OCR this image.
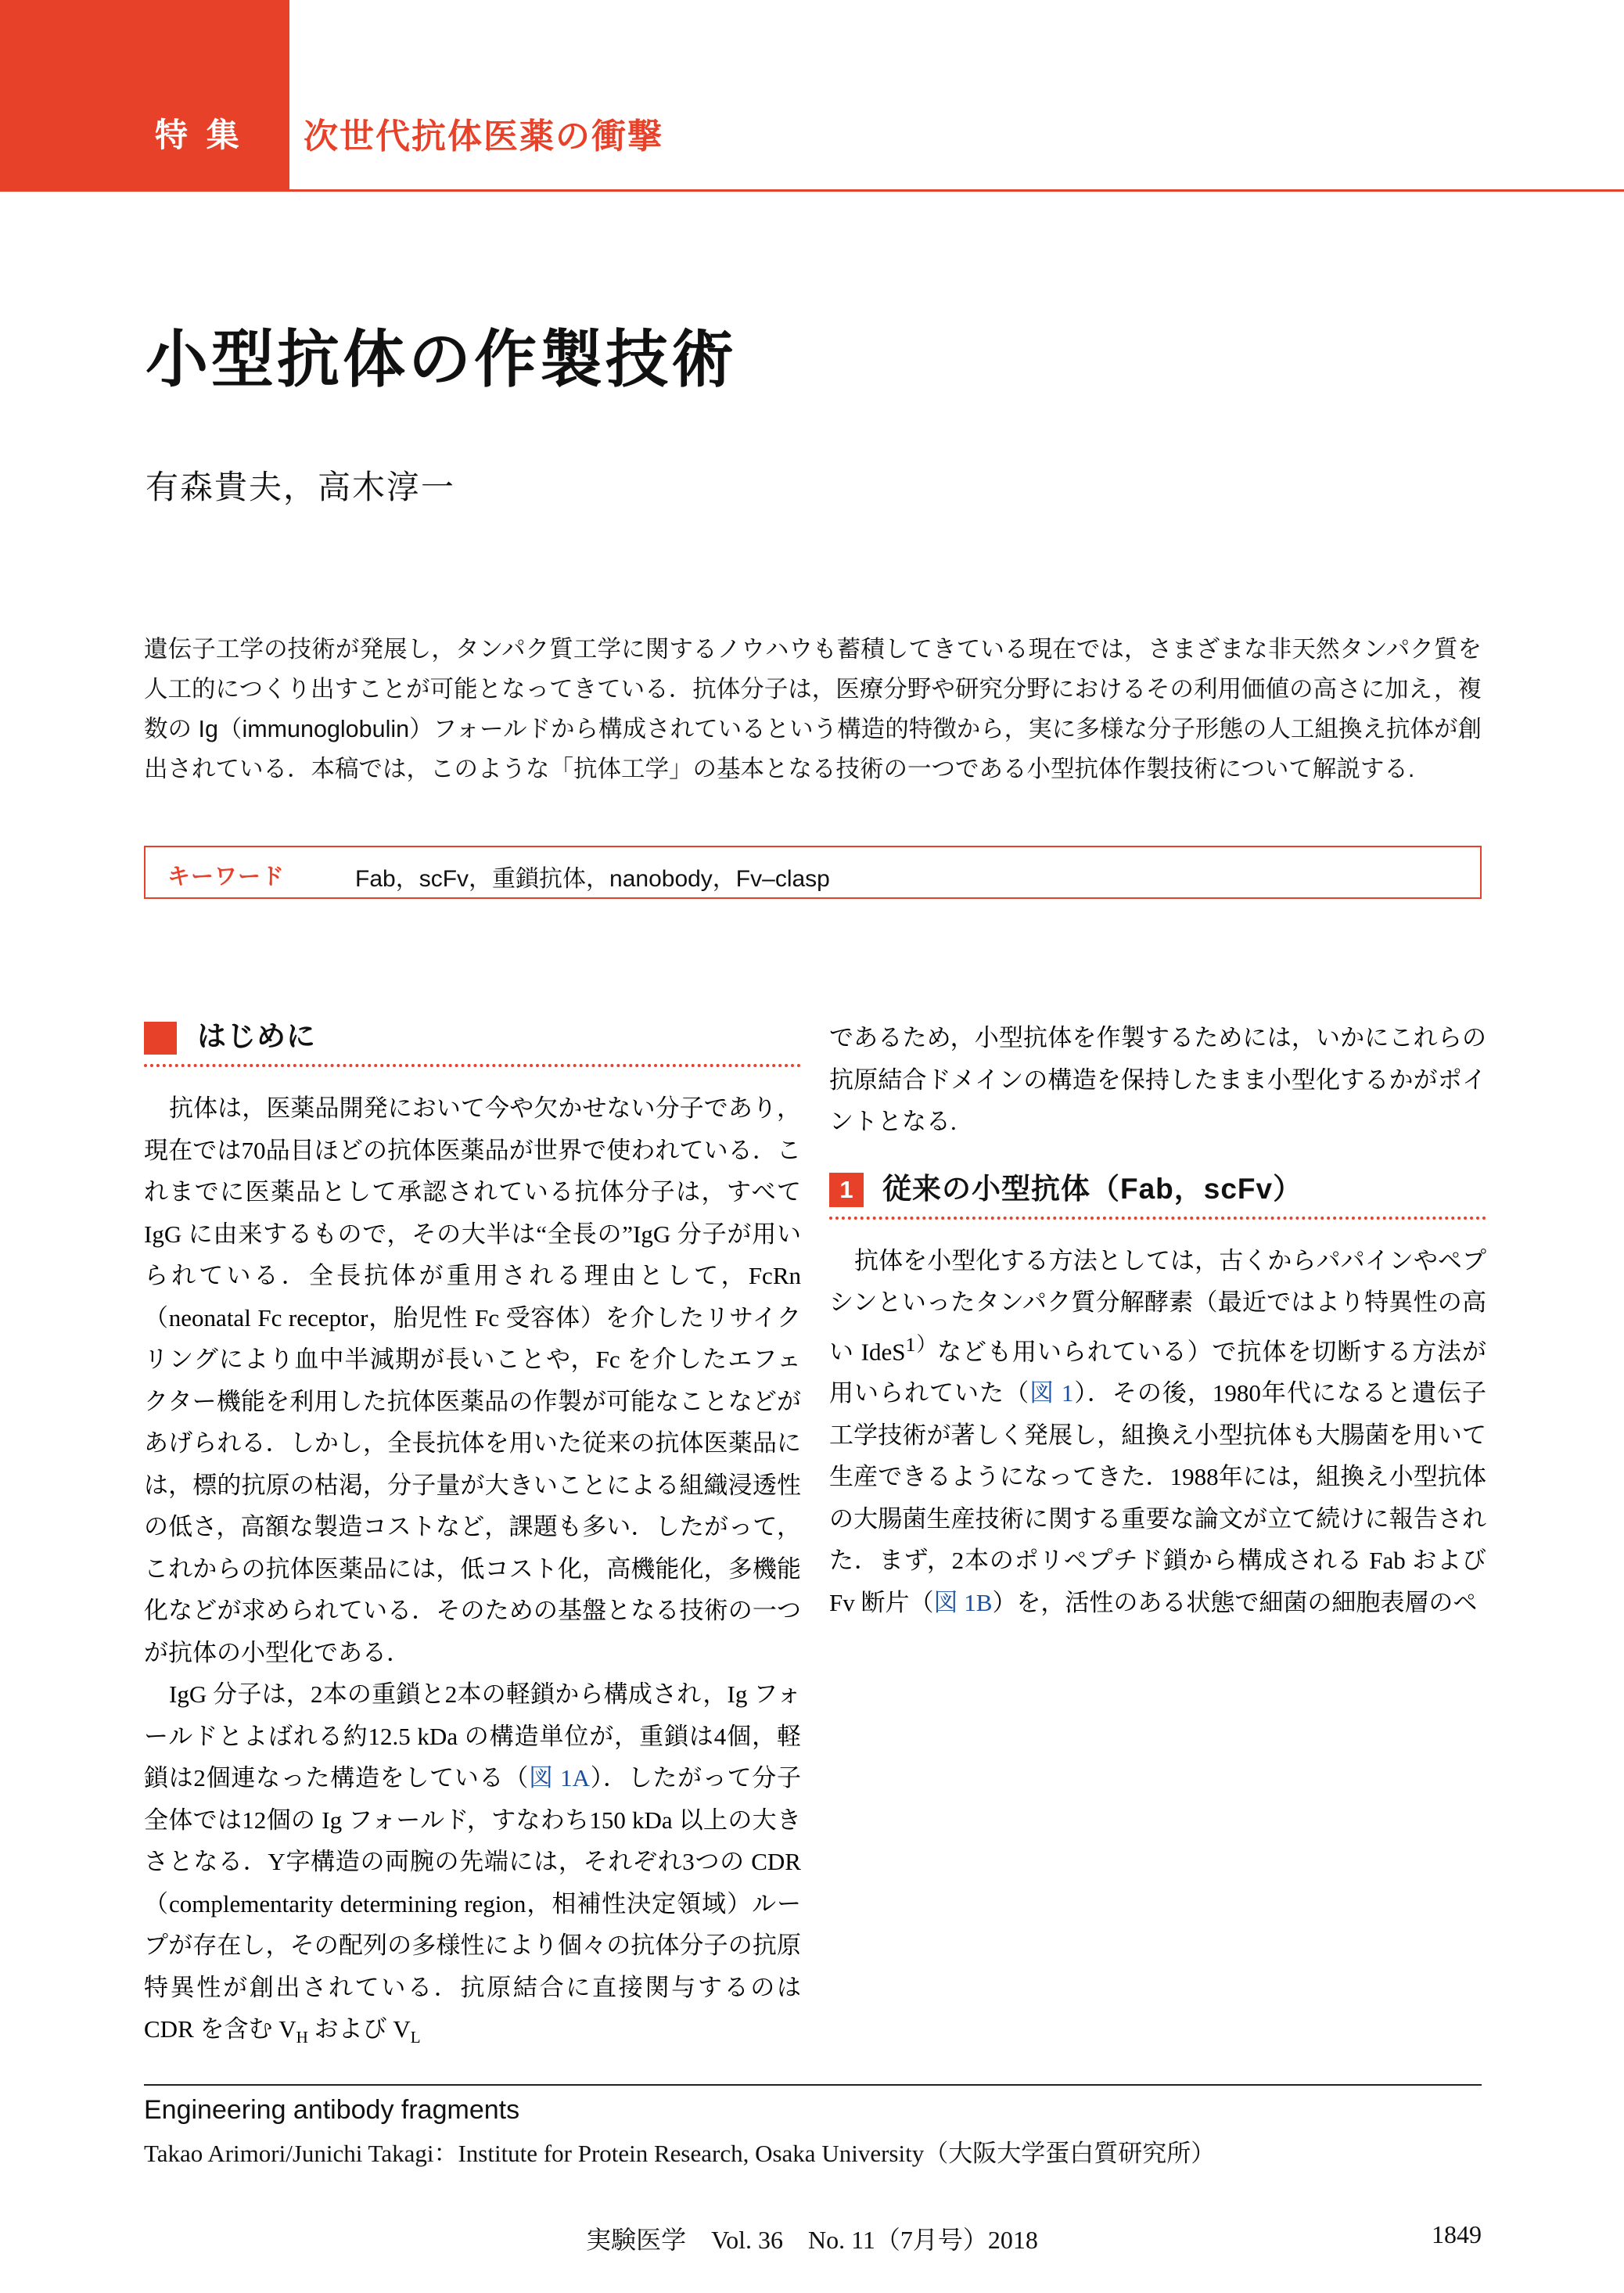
特 集 次世代抗体医薬の衝撃
小型抗体の作製技術
有森貴夫，高木淳一
遺伝子工学の技術が発展し，タンパク質工学に関するノウハウも蓄積してきている現在では，さまざまな非天然タンパク質を人工的につくり出すことが可能となってきている．抗体分子は，医療分野や研究分野におけるその利用価値の高さに加え，複数の Ig（immunoglobulin）フォールドから構成されているという構造的特徴から，実に多様な分子形態の人工組換え抗体が創出されている．本稿では，このような「抗体工学」の基本となる技術の一つである小型抗体作製技術について解説する.
キーワード	Fab，scFv，重鎖抗体，nanobody，Fv–clasp
はじめに

抗体は，医薬品開発において今や欠かせない分子であり，現在では70品目ほどの抗体医薬品が世界で使われている．これまでに医薬品として承認されている抗体分子は，すべて IgG に由来するもので，その大半は“全長の”IgG 分子が用いられている．全長抗体が重用される理由として，FcRn（neonatal Fc receptor，胎児性 Fc 受容体）を介したリサイクリングにより血中半減期が長いことや，Fc を介したエフェクター機能を利用した抗体医薬品の作製が可能なことなどがあげられる．しかし，全長抗体を用いた従来の抗体医薬品には，標的抗原の枯渇，分子量が大きいことによる組織浸透性の低さ，高額な製造コストなど，課題も多い．したがって，これからの抗体医薬品には，低コスト化，高機能化，多機能化などが求められている．そのための基盤となる技術の一つが抗体の小型化である．

IgG 分子は，2本の重鎖と2本の軽鎖から構成され，Ig フォールドとよばれる約12.5 kDa の構造単位が，重鎖は4個，軽鎖は2個連なった構造をしている（図 1A）．したがって分子全体では12個の Ig フォールド，すなわち150 kDa 以上の大きさとなる．Y字構造の両腕の先端には，それぞれ3つの CDR（complementarity determining region，相補性決定領域）ループが存在し，その配列の多様性により個々の抗体分子の抗原特異性が創出されている．抗原結合に直接関与するのは CDR を含む $V_H$ および $V_L$

であるため，小型抗体を作製するためには，いかにこれらの抗原結合ドメインの構造を保持したまま小型化するかがポイントとなる.

1	従来の小型抗体（Fab，scFv）

抗体を小型化する方法としては，古くからパパインやペプシンといったタンパク質分解酵素（最近ではより特異性の高い IdeS$^{1)}$なども用いられている）で抗体を切断する方法が用いられていた（図 1）．その後，1980年代になると遺伝子工学技術が著しく発展し，組換え小型抗体も大腸菌を用いて生産できるようになってきた．1988年には，組換え小型抗体の大腸菌生産技術に関する重要な論文が立て続けに報告された．まず，2本のポリペプチド鎖から構成される Fab および Fv 断片（図 1B）を，活性のある状態で細菌の細胞表層のペ

Engineering antibody fragments
Takao Arimori/Junichi Takagi：Institute for Protein Research, Osaka University（大阪大学蛋白質研究所）
実験医学　Vol. 36　No. 11（7月号）2018	1849
